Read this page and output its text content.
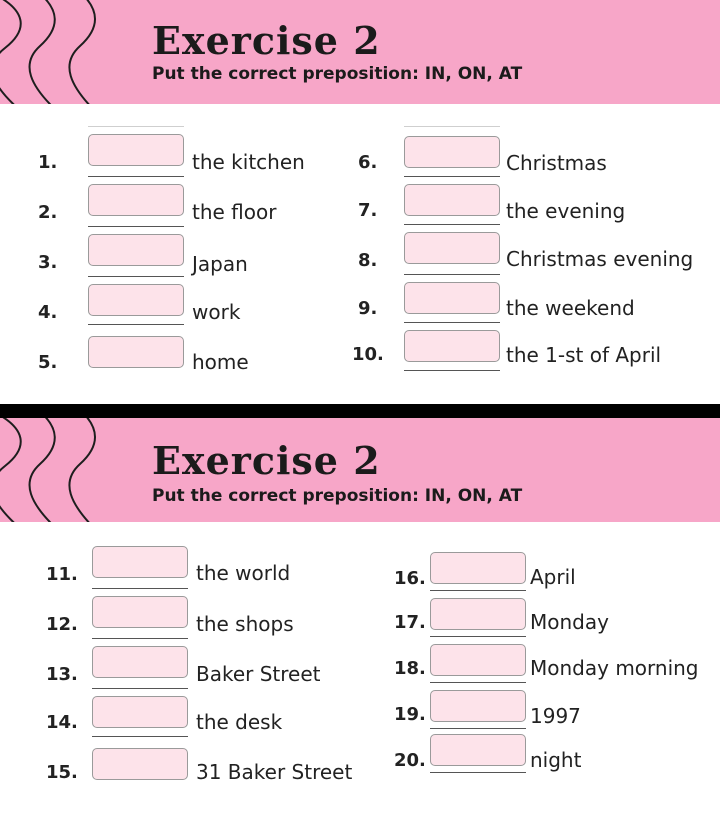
Exercise 2
Put the correct preposition: IN, ON, AT
1.	the kitchen
2.	the floor
3.	Japan
4.	work
5.	home
6.	Christmas
7.	the evening
8.	Christmas evening
9.	the weekend
10.	the 1-st of April
Exercise 2
Put the correct preposition: IN, ON, AT
11.	the world
12.	the shops
13.	Baker Street
14.	the desk
15.	31 Baker Street
16.	April
17.	Monday
18.	Monday morning
19.	1997
20.	night
